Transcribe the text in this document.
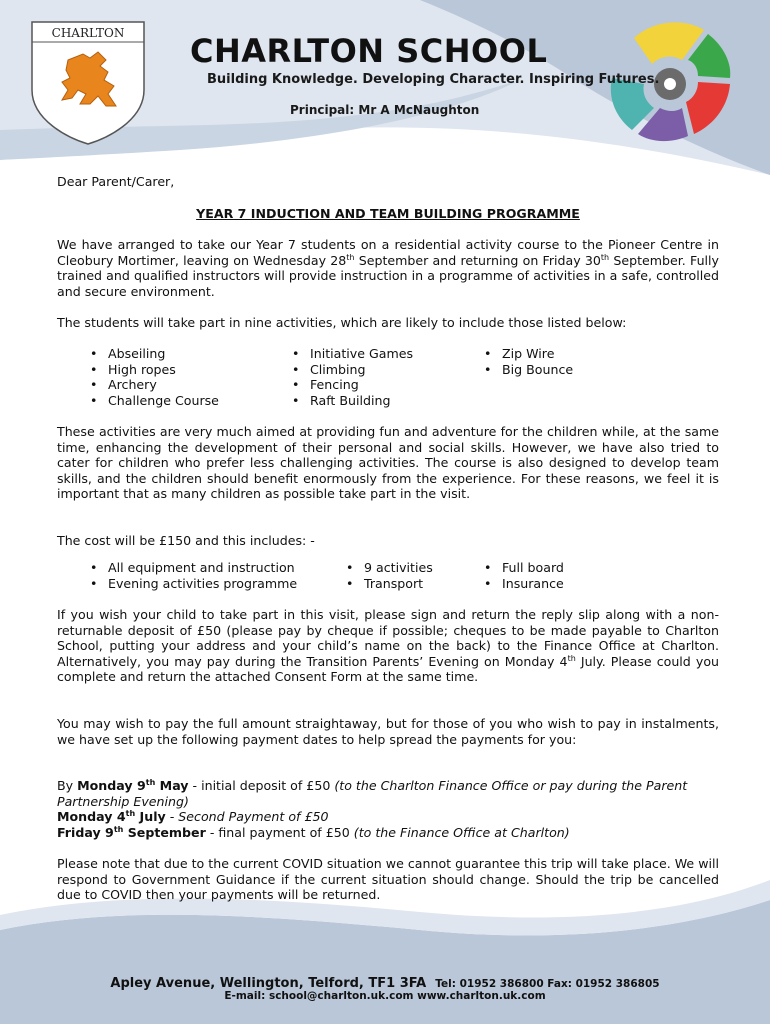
CHARLTON CHARLTON SCHOOL
Building Knowledge. Developing Character. Inspiring Futures.
Principal: Mr A McNaughton
Dear Parent/Carer,
YEAR 7 INDUCTION AND TEAM BUILDING PROGRAMME

We have arranged to take our Year 7 students on a residential activity course to the Pioneer Centre in Cleobury Mortimer, leaving on Wednesday 28th September and returning on Friday 30th September. Fully trained and qualified instructors will provide instruction in a programme of activities in a safe, controlled and secure environment.

The students will take part in nine activities, which are likely to include those listed below:

• Abseiling
• High ropes
• Archery
• Challenge Course
• Initiative Games
• Climbing
• Fencing
• Raft Building
• Zip Wire
• Big Bounce

These activities are very much aimed at providing fun and adventure for the children while, at the same time, enhancing the development of their personal and social skills. However, we have also tried to cater for children who prefer less challenging activities. The course is also designed to develop team skills, and the children should benefit enormously from the experience. For these reasons, we feel it is important that as many children as possible take part in the visit.

The cost will be £150 and this includes: -

• All equipment and instruction
• Evening activities programme
• 9 activities
• Transport
• Full board
• Insurance

If you wish your child to take part in this visit, please sign and return the reply slip along with a non-returnable deposit of £50 (please pay by cheque if possible; cheques to be made payable to Charlton School, putting your address and your child’s name on the back) to the Finance Office at Charlton. Alternatively, you may pay during the Transition Parents’ Evening on Monday 4th July. Please could you complete and return the attached Consent Form at the same time.

You may wish to pay the full amount straightaway, but for those of you who wish to pay in instalments, we have set up the following payment dates to help spread the payments for you:

By Monday 9th May - initial deposit of £50 (to the Charlton Finance Office or pay during the Parent Partnership Evening)

Monday 4th July - Second Payment of £50

Friday 9th September - final payment of £50 (to the Finance Office at Charlton)

Please note that due to the current COVID situation we cannot guarantee this trip will take place. We will respond to Government Guidance if the current situation should change. Should the trip be cancelled due to COVID then your payments will be returned.

Apley Avenue, Wellington, Telford, TF1 3FA Tel: 01952 386800 Fax: 01952 386805
E-mail: school@charlton.uk.com www.charlton.uk.com
